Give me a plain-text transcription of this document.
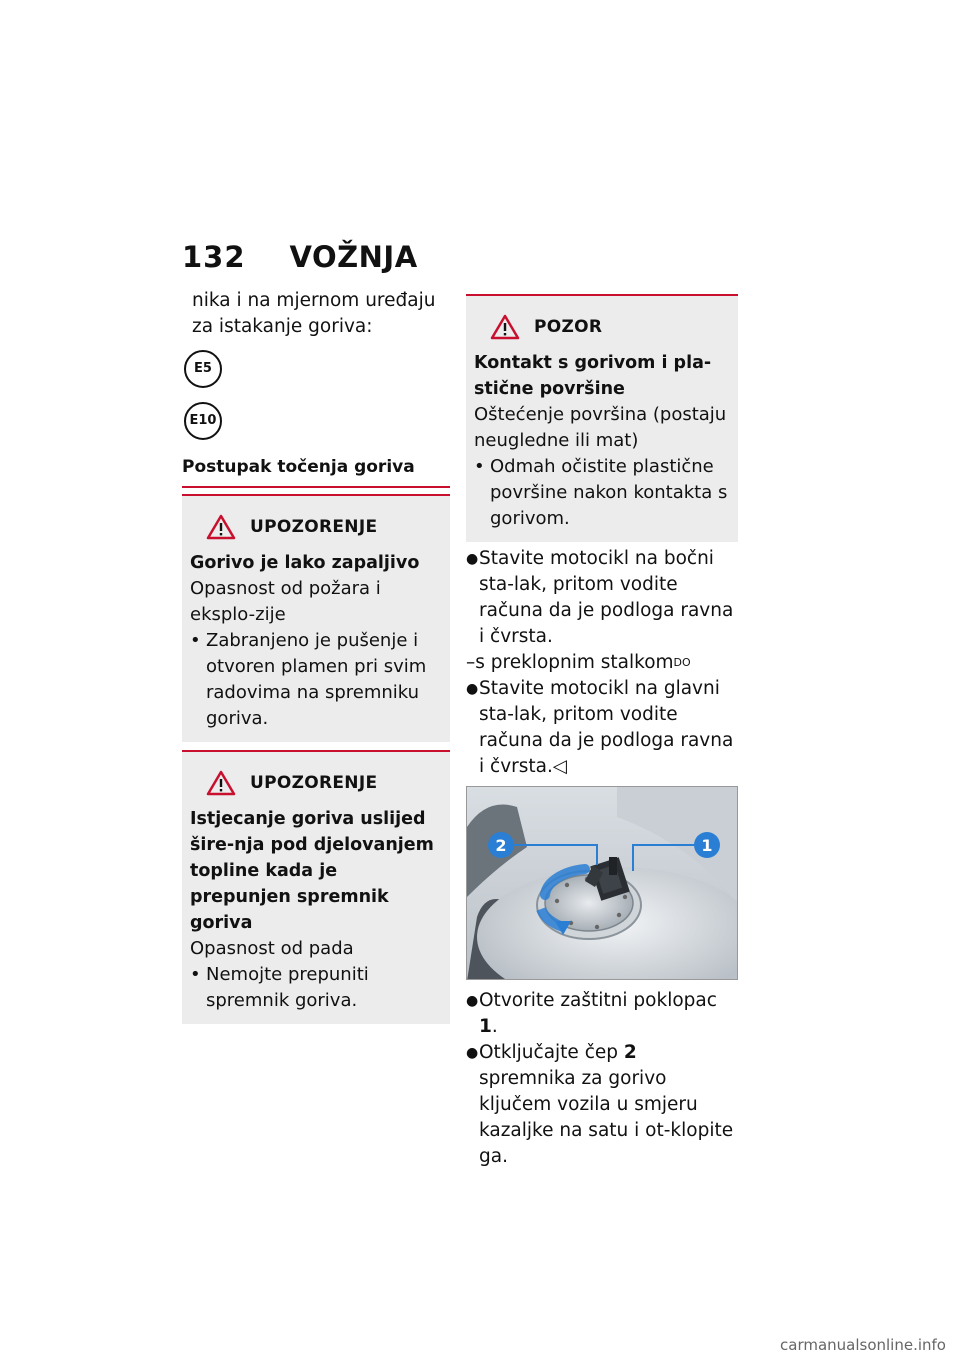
132 VOŽNJA
nika i na mjernom uređaju za istakanje goriva:
E5
E10
Postupak točenja goriva
UPOZORENJE
Gorivo je lako zapaljivo
Opasnost od požara i eksplo-zije
• Zabranjeno je pušenje i otvoren plamen pri svim radovima na spremniku goriva.
UPOZORENJE
Istjecanje goriva uslijed šire-nja pod djelovanjem topline kada je prepunjen spremnik goriva
Opasnost od pada
• Nemojte prepuniti spremnik goriva.
POZOR
Kontakt s gorivom i pla-stične površine
Oštećenje površina (postaju neugledne ili mat)
• Odmah očistite plastične površine nakon kontakta s gorivom.
● Stavite motocikl na bočni sta-lak, pritom vodite računa da je podloga ravna i čvrsta.
–s preklopnim stalkom$^{DO}$
● Stavite motocikl na glavni sta-lak, pritom vodite računa da je podloga ravna i čvrsta.◁
2	1
● Otvorite zaštitni poklopac 1.
● Otključajte čep 2 spremnika za gorivo ključem vozila u smjeru kazaljke na satu i ot-klopite ga.
carmanualsonline.info
